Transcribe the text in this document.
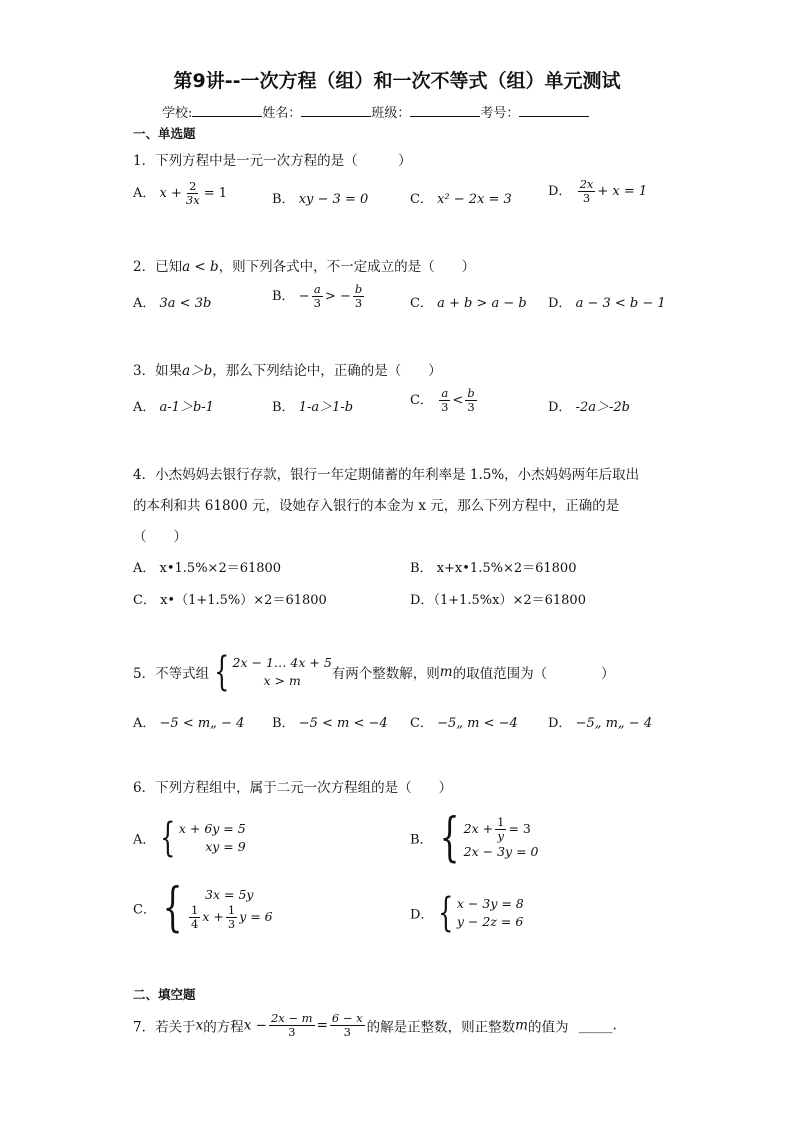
第9讲--一次方程（组）和一次不等式（组）单元测试
学校:	姓名：	班级：	考号：
一、单选题
1．下列方程中是一元一次方程的是（　　　）
A． $x + \frac{2}{3x} = 1$	B． xy − 3 = 0	C． x² − 2x = 3
D． $\frac{2x}{3} + x = 1$
2．已知a < b，则下列各式中，不一定成立的是（　　）
A． 3a < 3b	B． − $\frac{a}{3}$ > − $\frac{b}{3}$	C． a + b > a − b D． a − 3 < b − 1
3．如果a＞b，那么下列结论中，正确的是（　　）
A． a-1＞b-1	B． 1-a＞1-b	C． $\frac{a}{3} < \frac{b}{3}$	D． -2a＞-2b
4．小杰妈妈去银行存款，银行一年定期储蓄的年利率是 1.5%，小杰妈妈两年后取出
的本利和共 61800 元，设她存入银行的本金为 x 元，那么下列方程中，正确的是
（　　）
A． x•1.5%×2＝61800	B． x+x•1.5%×2＝61800
C． x•（1+1.5%）×2＝61800	D．（1+1.5%x）×2＝61800
5．不等式组 { 2x − 1… 4x + 5
x > m 有两个整数解，则m的取值范围为（　　　　）
A． −5 < m„ − 4 B． −5 < m < −4 C． −5„ m < −4 D． −5„ m„ − 4
6．下列方程组中，属于二元一次方程组的是（　　）
A． { x + 6y = 5
xy = 9	B． { $2x + \frac{1}{y} = 3$
2x − 3y = 0
C． {	3x = 5y
$\frac{1}{4}$ $x + \frac{1}{3}$ y = 6	D． { x − 3y = 8
y − 2z = 6
二、填空题
7．若关于x的方程$x - \frac{2x - m}{3} = \frac{6 - x}{3}$ 的解是正整数，则正整数m的值为 _____.
